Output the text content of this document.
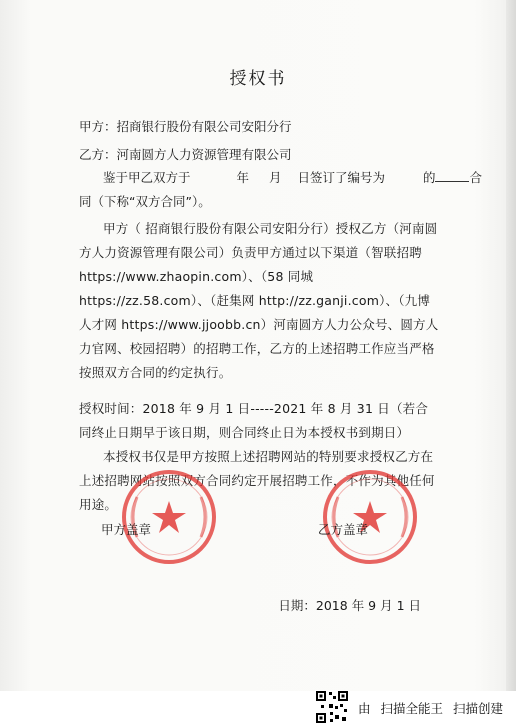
授权书
甲方：招商银行股份有限公司安阳分行
乙方：河南圆方人力资源管理有限公司
鉴于甲乙双方于	年 月 日签订了编号为	的	合
同（下称“双方合同”）。
甲方（ 招商银行股份有限公司安阳分行）授权乙方（河南圆方人力资源管理有限公司）负责甲方通过以下渠道（智联招聘 https://www.zhaopin.com）、（58 同城 https://zz.58.com）、（赶集网 http://zz.ganji.com）、（九博人才网 https://www.jjoobb.cn）河南圆方人力公众号、圆方人力官网、校园招聘）的招聘工作，乙方的上述招聘工作应当严格按照双方合同的约定执行。
授权时间：2018 年 9 月 1 日-----2021 年 8 月 31 日（若合同终止日期早于该日期，则合同终止日为本授权书到期日）
本授权书仅是甲方按照上述招聘网站的特别要求授权乙方在上述招聘网站按照双方合同约定开展招聘工作，不作为其他任何用途。
甲方盖章	乙方盖章
日期：2018 年 9 月 1 日
由 扫描全能王 扫描创建
